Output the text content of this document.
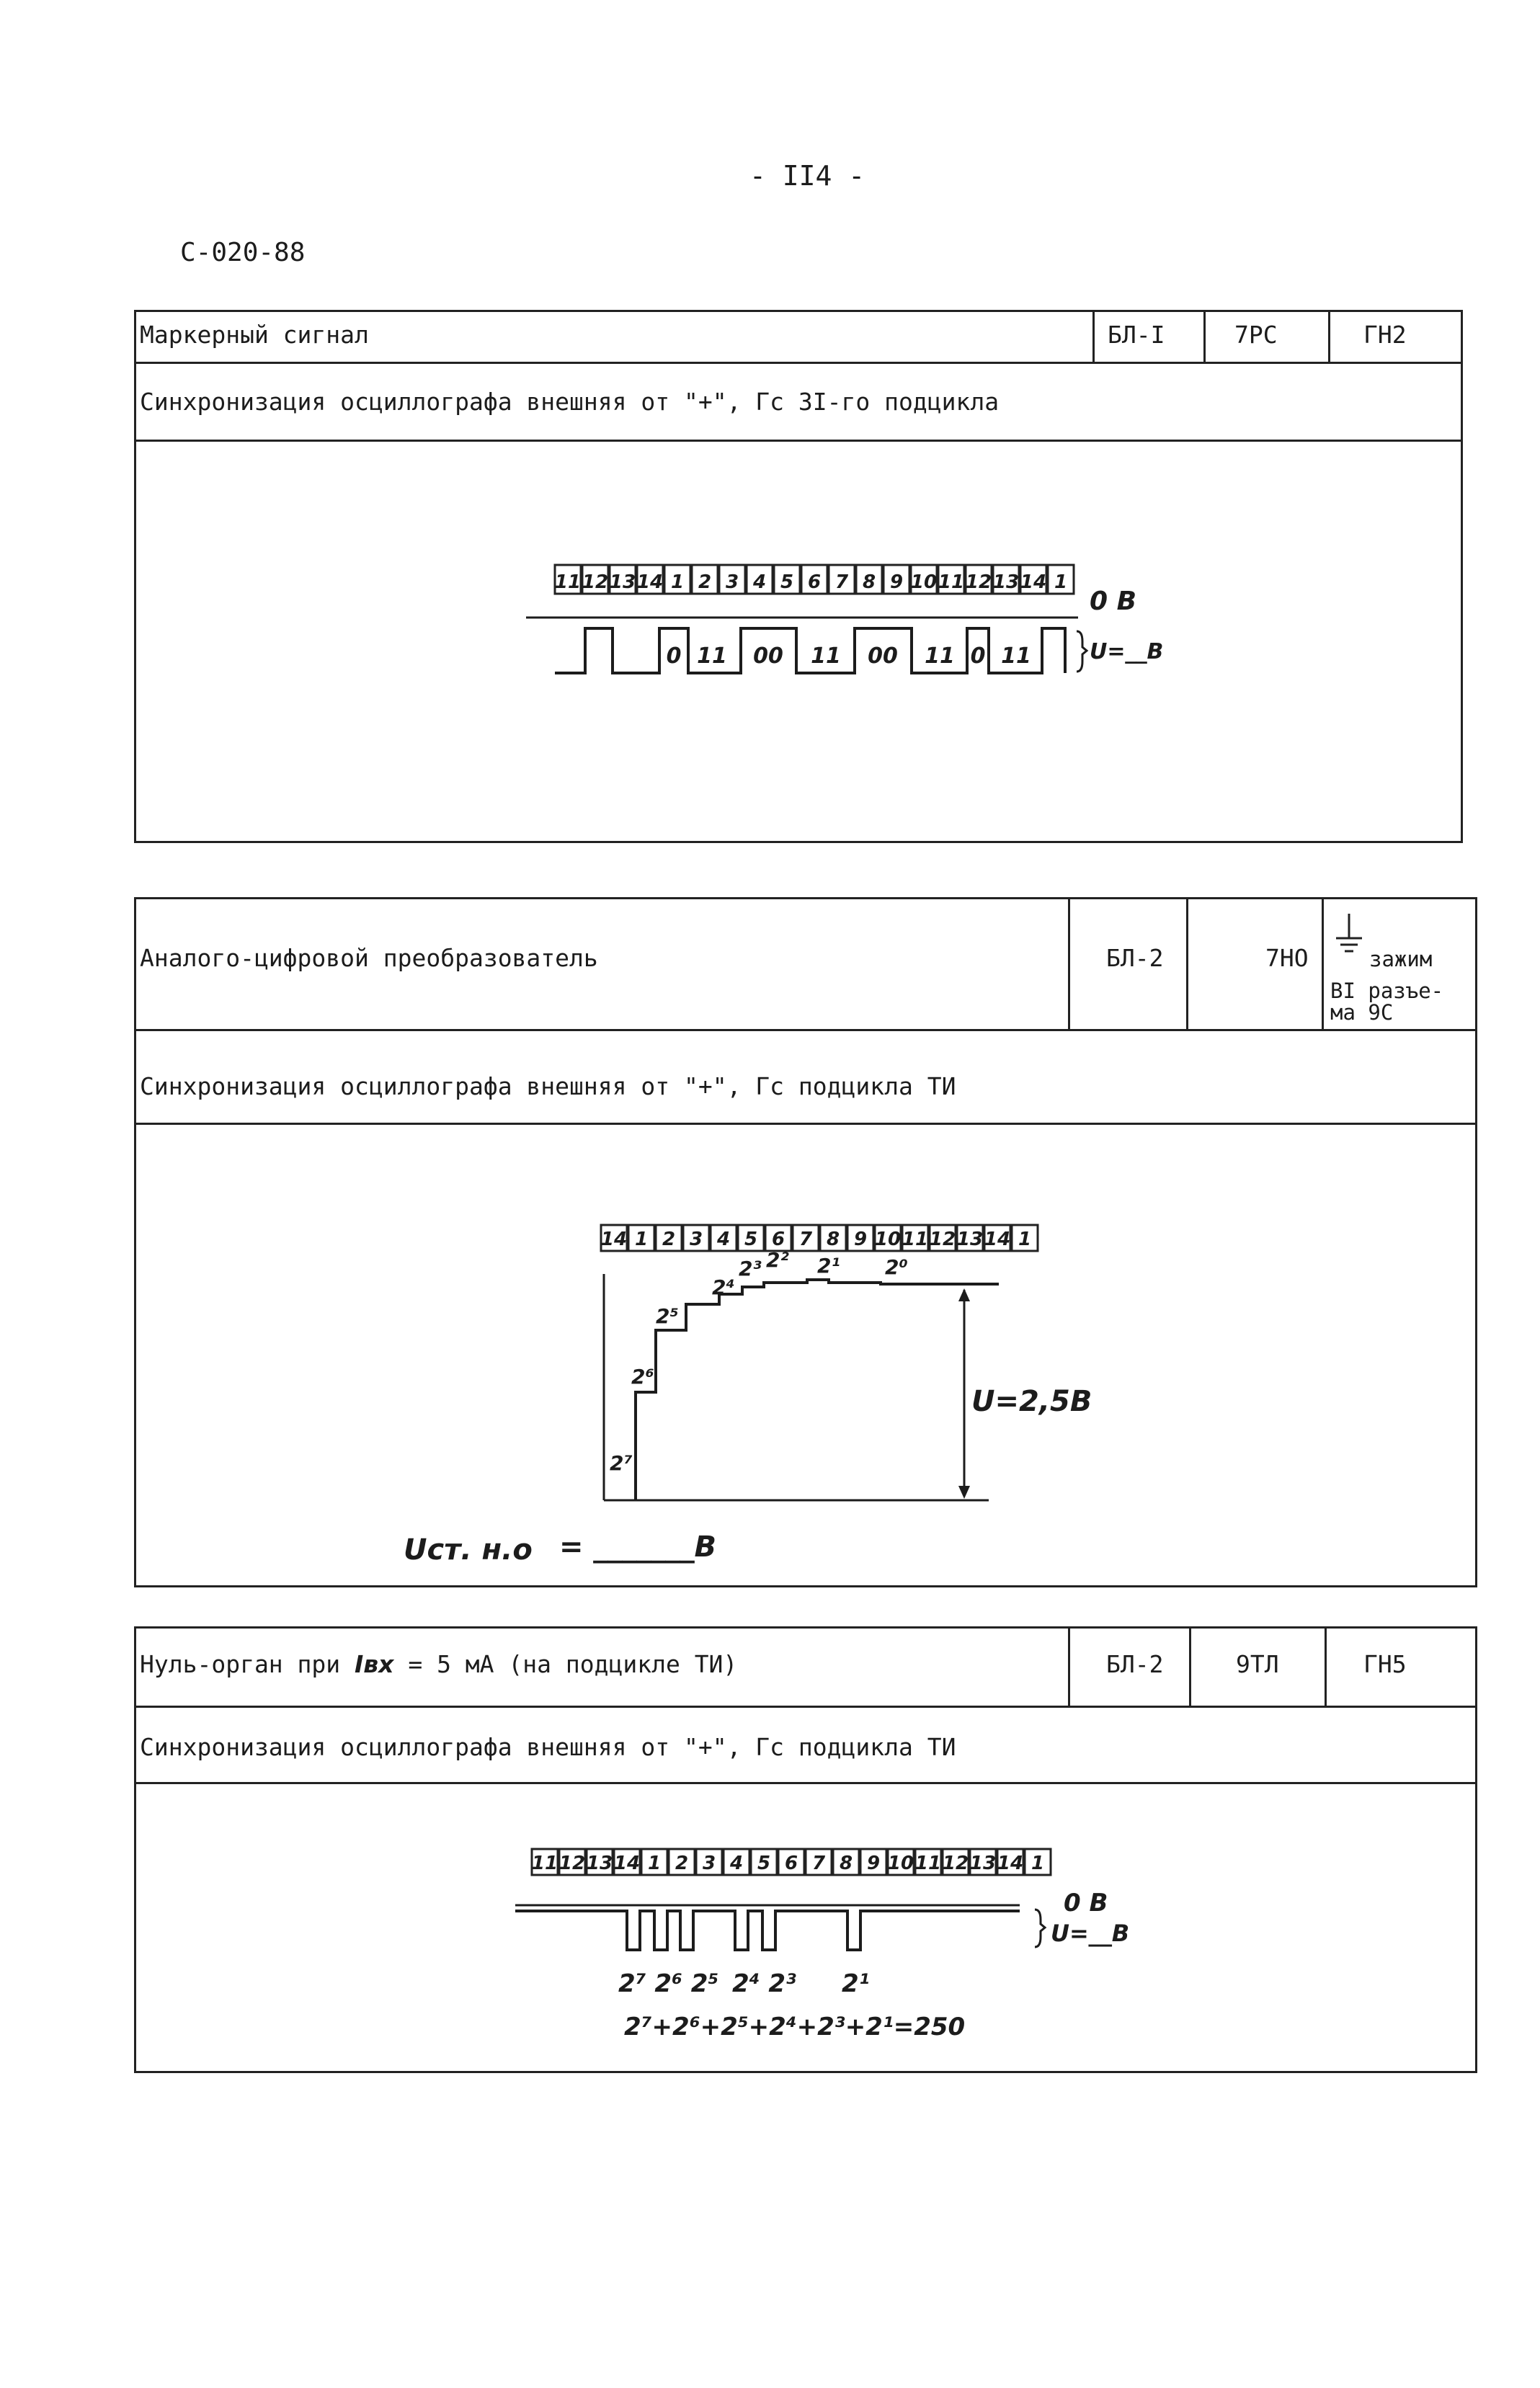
- II4 -
С-020-88
Маркерный сигнал	БЛ-I	7РС	ГН2
Синхронизация осциллографа внешняя от "+", Гс 3I-го подцикла
11 12 13 14 1 2 3 4 5 6 7 8 9 10 11 12 13 14 1
0 11 00 11 00 11 0 11
0 В
U=__В
Аналого-цифровой преобразователь	БЛ-2	7НО	зажим
BI разъе-
ма 9С
Синхронизация осциллографа внешняя от "+", Гс подцикла ТИ
14 1 2 3 4 5 6 7 8 9 10 11 12 13 14 1
2⁷
2⁶
2⁵
2⁴
2³ 2² 2¹ 2⁰
U=2,5В
Uст. н.о = _______В
Нуль-орган при Iвх = 5 мА (на подцикле ТИ)	БЛ-2	9ТЛ	ГН5
Синхронизация осциллографа внешняя от "+", Гс подцикла ТИ
11 12 13 14 1 2 3 4 5 6 7 8 9 10 11 12 13 14 1
0 В
U=__В
2⁷ 2⁶ 2⁵ 2⁴ 2³ 2¹
2⁷+2⁶+2⁵+2⁴+2³+2¹=250
